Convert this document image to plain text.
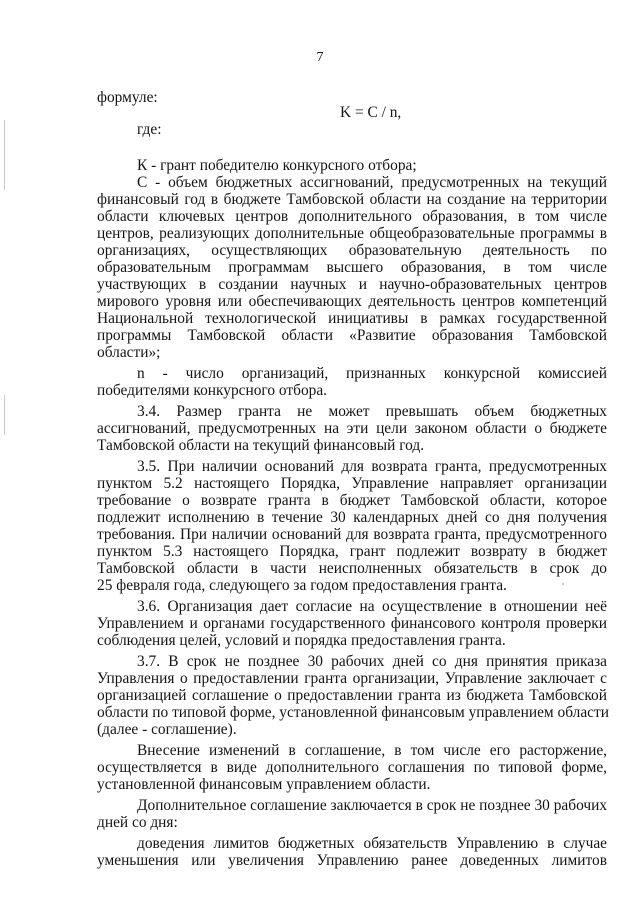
7
формуле:
K = C / n,
где:
К - грант победителю конкурсного отбора;
С - объем бюджетных ассигнований, предусмотренных на текущий
финансовый год в бюджете Тамбовской области на создание на территории
области ключевых центров дополнительного образования, в том числе
центров, реализующих дополнительные общеобразовательные программы в
организациях, осуществляющих образовательную деятельность по
образовательным программам высшего образования, в том числе
участвующих в создании научных и научно-образовательных центров
мирового уровня или обеспечивающих деятельность центров компетенций
Национальной технологической инициативы в рамках государственной
программы Тамбовской области «Развитие образования Тамбовской
области»;
n - число организаций, признанных конкурсной комиссией
победителями конкурсного отбора.
3.4. Размер гранта не может превышать объем бюджетных
ассигнований, предусмотренных на эти цели законом области о бюджете
Тамбовской области на текущий финансовый год.
3.5. При наличии оснований для возврата гранта, предусмотренных
пунктом 5.2 настоящего Порядка, Управление направляет организации
требование о возврате гранта в бюджет Тамбовской области, которое
подлежит исполнению в течение 30 календарных дней со дня получения
требования. При наличии оснований для возврата гранта, предусмотренного
пунктом 5.3 настоящего Порядка, грант подлежит возврату в бюджет
Тамбовской области в части неисполненных обязательств в срок до
25 февраля года, следующего за годом предоставления гранта.
3.6. Организация дает согласие на осуществление в отношении неё
Управлением и органами государственного финансового контроля проверки
соблюдения целей, условий и порядка предоставления гранта.
3.7. В срок не позднее 30 рабочих дней со дня принятия приказа
Управления о предоставлении гранта организации, Управление заключает с
организацией соглашение о предоставлении гранта из бюджета Тамбовской
области по типовой форме, установленной финансовым управлением области
(далее - соглашение).
Внесение изменений в соглашение, в том числе его расторжение,
осуществляется в виде дополнительного соглашения по типовой форме,
установленной финансовым управлением области.
Дополнительное соглашение заключается в срок не позднее 30 рабочих
дней со дня:
доведения лимитов бюджетных обязательств Управлению в случае
уменьшения или увеличения Управлению ранее доведенных лимитов
